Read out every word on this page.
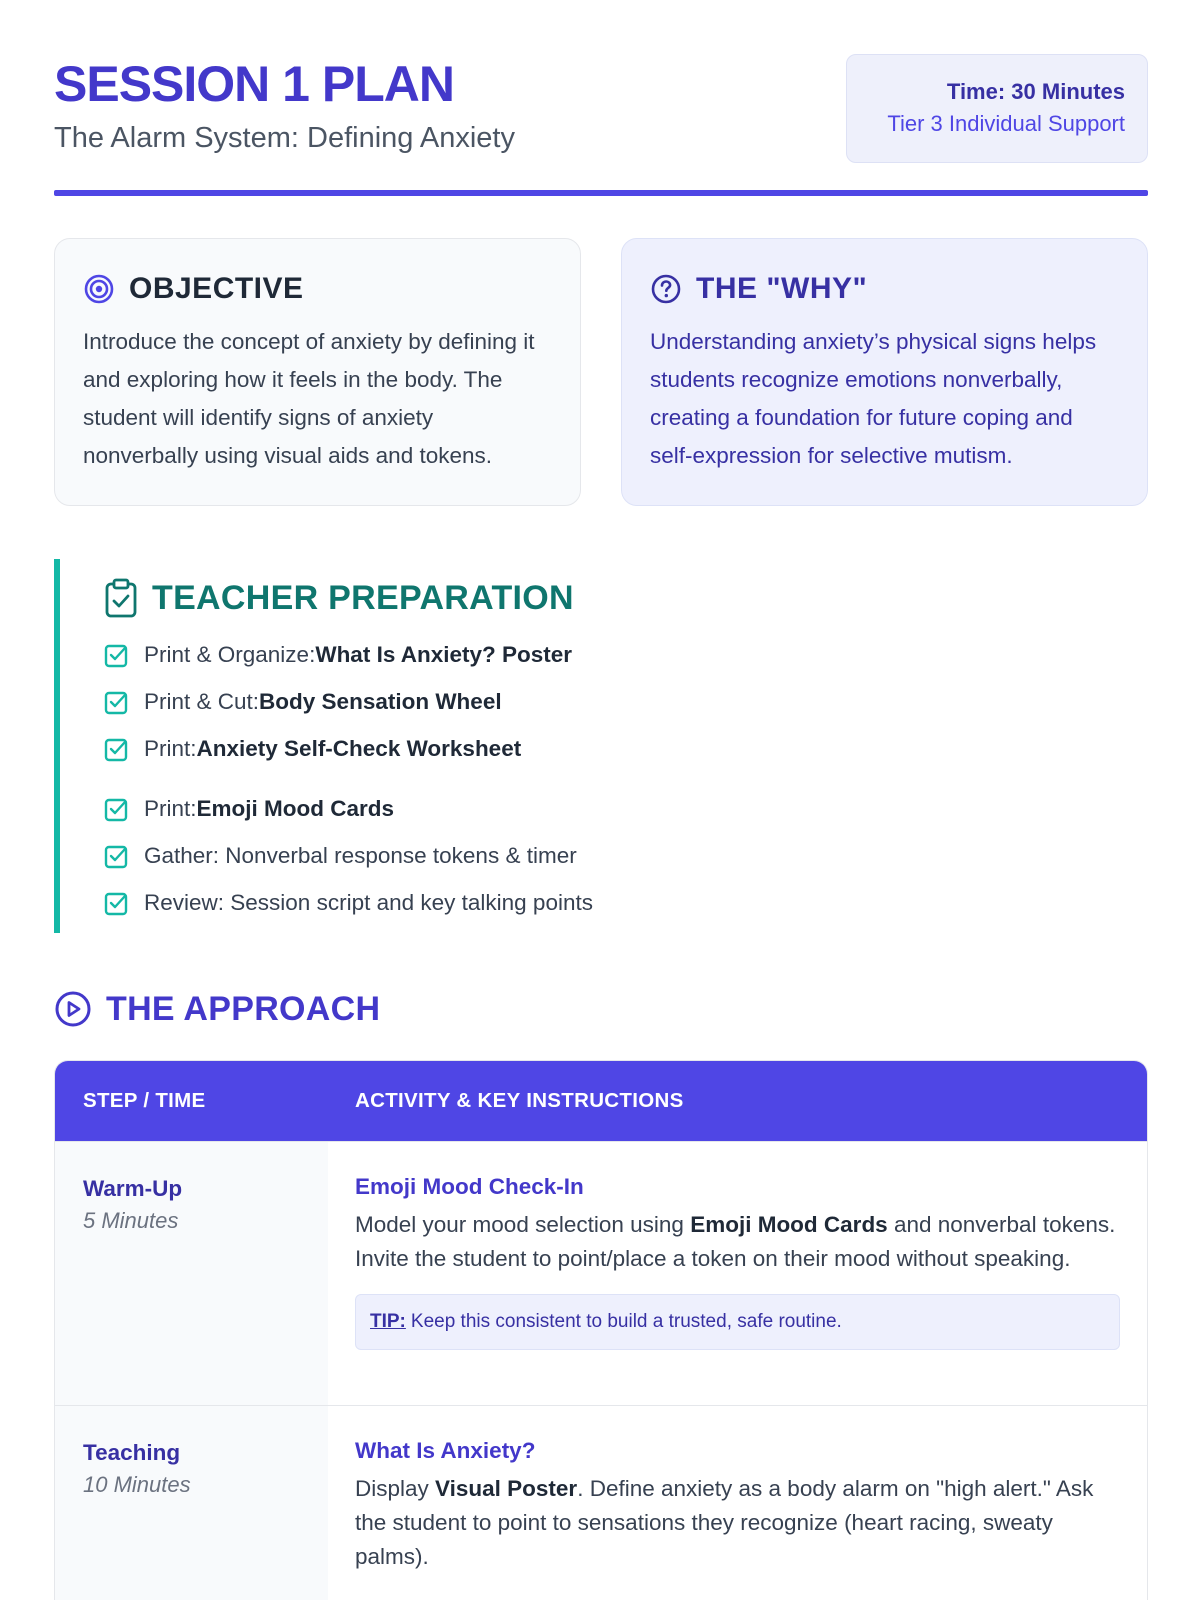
SESSION 1 PLAN
The Alarm System: Defining Anxiety
Time: 30 Minutes
Tier 3 Individual Support
OBJECTIVE

Introduce the concept of anxiety by defining it and exploring how it feels in the body. The student will identify signs of anxiety nonverbally using visual aids and tokens.

THE "WHY"

Understanding anxiety’s physical signs helps students recognize emotions nonverbally, creating a foundation for future coping and self-expression for selective mutism.

TEACHER PREPARATION
Print & Organize:What Is Anxiety? Poster
Print & Cut:Body Sensation Wheel
Print:Anxiety Self-Check Worksheet
Print:Emoji Mood Cards
Gather: Nonverbal response tokens & timer
Review: Session script and key talking points
THE APPROACH
STEP / TIME	ACTIVITY & KEY INSTRUCTIONS
Warm-Up
5 Minutes
Emoji Mood Check-In

Model your mood selection using Emoji Mood Cards and nonverbal tokens. Invite the student to point/place a token on their mood without speaking.

TIP: Keep this consistent to build a trusted, safe routine.
Teaching
10 Minutes
What Is Anxiety?

Display Visual Poster. Define anxiety as a body alarm on "high alert." Ask the student to point to sensations they recognize (heart racing, sweaty palms).
